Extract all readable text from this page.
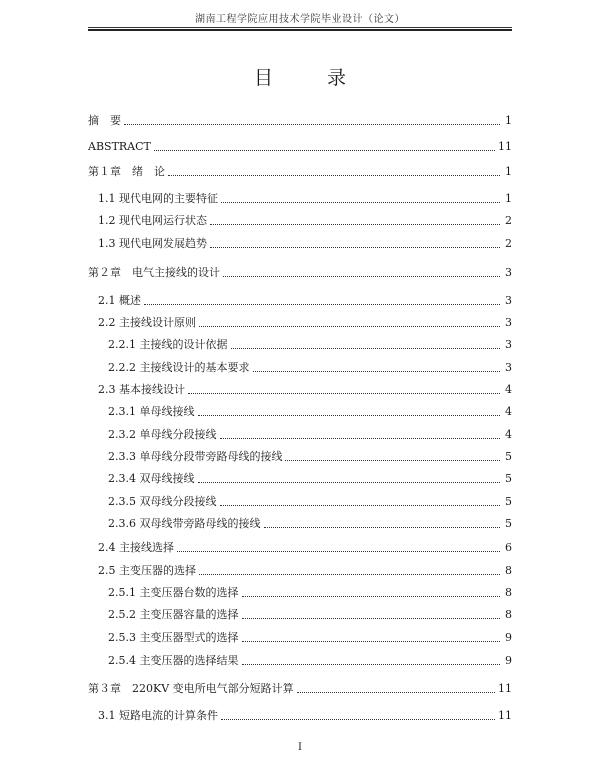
湖南工程学院应用技术学院毕业设计（论文）
目 录
摘　要	1
ABSTRACT	11
第１章　绪　论	1
1.1 现代电网的主要特征	1
1.2 现代电网运行状态	2
1.3 现代电网发展趋势	2
第２章　电气主接线的设计	3
2.1 概述	3
2.2 主接线设计原则	3
2.2.1 主接线的设计依据	3
2.2.2 主接线设计的基本要求	3
2.3 基本接线设计	4
2.3.1 单母线接线	4
2.3.2 单母线分段接线	4
2.3.3 单母线分段带旁路母线的接线	5
2.3.4 双母线接线	5
2.3.5 双母线分段接线	5
2.3.6 双母线带旁路母线的接线	5
2.4 主接线选择	6
2.5 主变压器的选择	8
2.5.1 主变压器台数的选择	8
2.5.2 主变压器容量的选择	8
2.5.3 主变压器型式的选择	9
2.5.4 主变压器的选择结果	9
第３章　220KV 变电所电气部分短路计算	11
3.1 短路电流的计算条件	11
I
